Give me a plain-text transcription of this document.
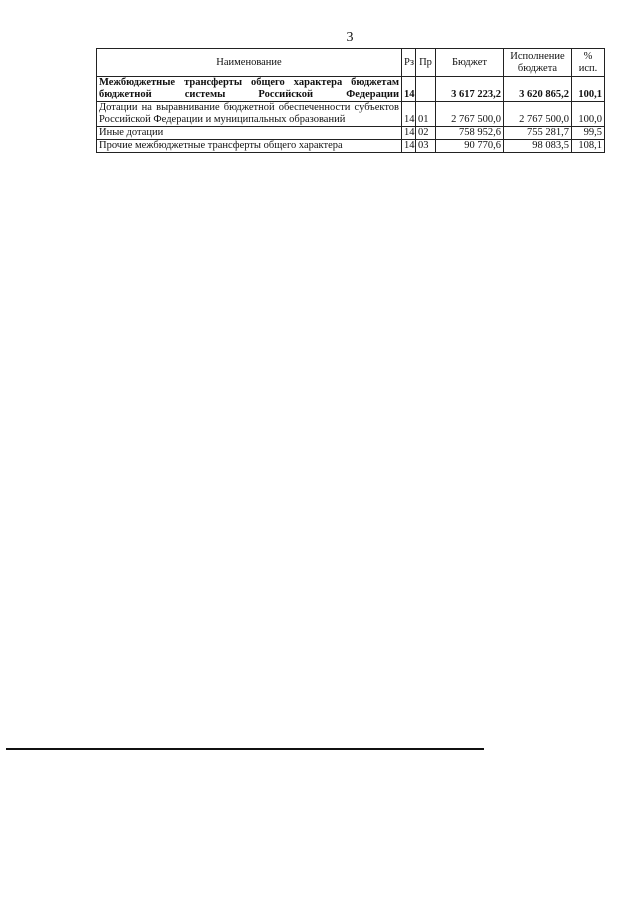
3
Наименование	Рз	Пр	Бюджет	Исполнение бюджета	% исп.
Межбюджетные трансферты общего характера бюджетам бюджетной системы Российской Федерации	14		3 617 223,2	3 620 865,2	100,1
Дотации на выравнивание бюджетной обеспеченности субъектов Российской Федерации и муниципальных образований	14	01	2 767 500,0	2 767 500,0	100,0
Иные дотации	14	02	758 952,6	755 281,7	99,5
Прочие межбюджетные трансферты общего характера	14	03	90 770,6	98 083,5	108,1
